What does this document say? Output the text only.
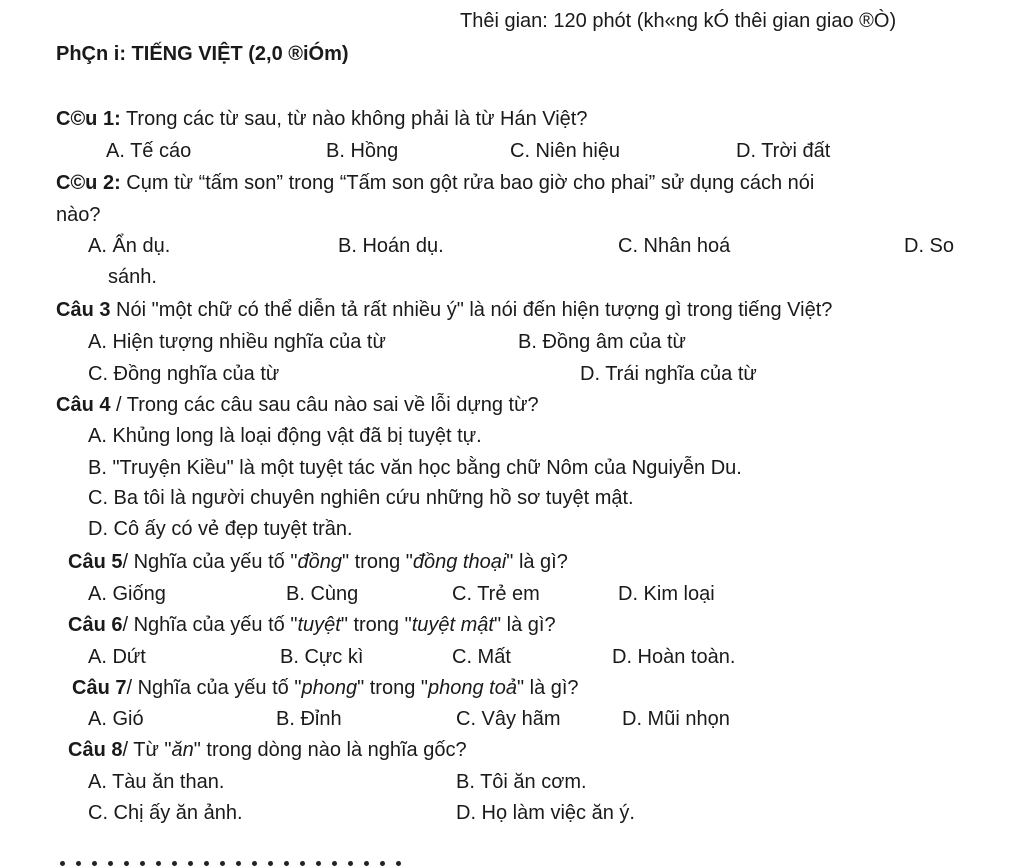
Thêi gian: 120 phót (kh«ng kÓ thêi gian giao ®Ò)
PhÇn i: TIẾNG VIỆT (2,0 ®iÓm)
C©u 1: Trong các từ sau, từ nào không phải là từ Hán Việt?
A. Tế cáo	B. Hồng	C. Niên hiệu	D. Trời đất
C©u 2: Cụm từ “tấm son” trong “Tấm son gột rửa bao giờ cho phai” sử dụng cách nói
nào?
A. Ẩn dụ.	B. Hoán dụ.	C. Nhân hoá	D. So
sánh.
Câu 3 Nói "một chữ có thể diễn tả rất nhiều ý" là nói đến hiện tượng gì trong tiếng Việt?
A. Hiện tượng nhiều nghĩa của từ	B. Đồng âm của từ
C. Đồng nghĩa của từ	D. Trái nghĩa của từ
Câu 4 / Trong các câu sau câu nào sai về lỗi dựng từ?
A. Khủng long là loại động vật đã bị tuyệt tự.
B. "Truyện Kiều" là một tuyệt tác văn học bằng chữ Nôm của Nguiyễn Du.
C. Ba tôi là người chuyên nghiên cứu những hồ sơ tuyệt mật.
D. Cô ấy có vẻ đẹp tuyệt trần.
Câu 5/ Nghĩa của yếu tố "đồng" trong "đồng thoại" là gì?
A. Giống	B. Cùng	C. Trẻ em	D. Kim loại
Câu 6/ Nghĩa của yếu tố "tuyệt" trong "tuyệt mật" là gì?
A. Dứt	B. Cực kì	C. Mất	D. Hoàn toàn.
Câu 7/ Nghĩa của yếu tố "phong" trong "phong toả" là gì?
A. Gió	B. Đỉnh	C. Vây hãm	D. Mũi nhọn
Câu 8/ Từ "ăn" trong dòng nào là nghĩa gốc?
A. Tàu ăn than.	B. Tôi ăn cơm.
C. Chị ấy ăn ảnh.	D. Họ làm việc ăn ý.
